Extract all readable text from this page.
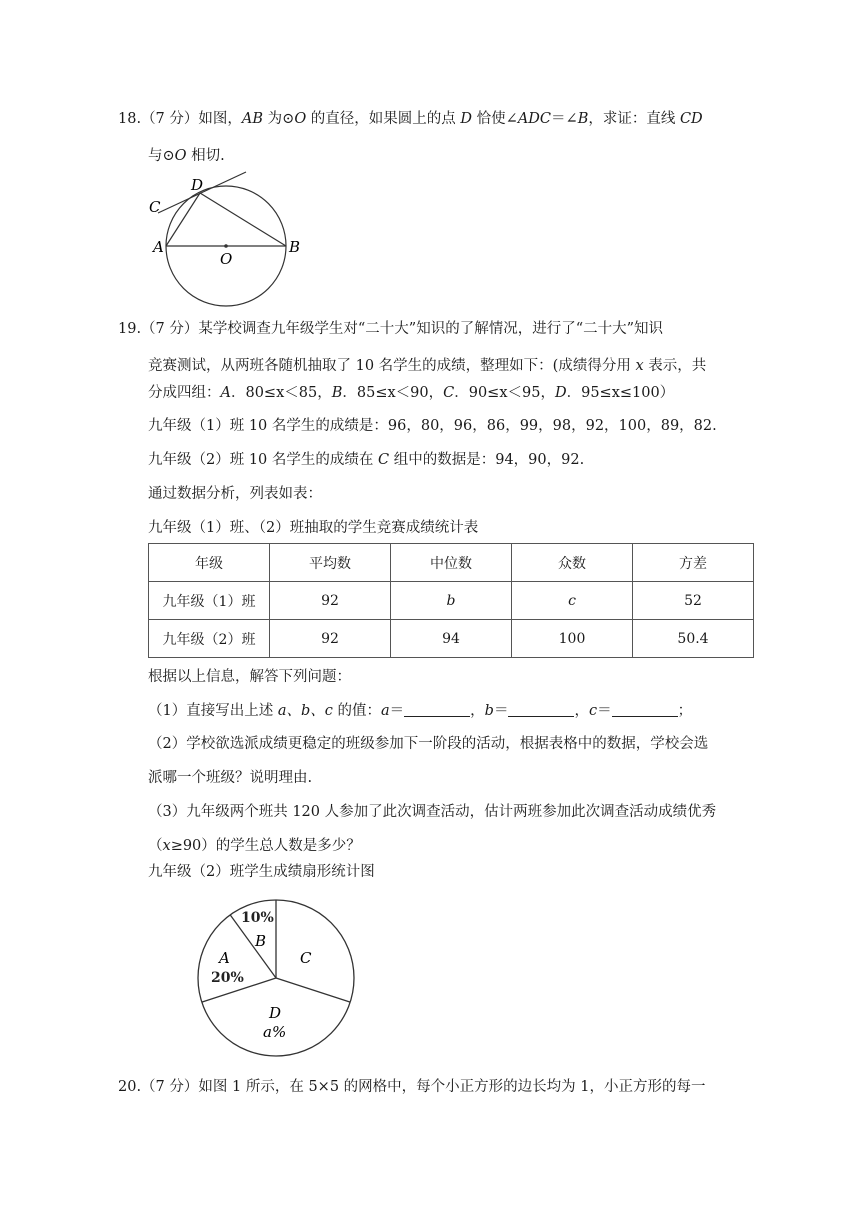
18.（7 分）如图，AB 为⊙O 的直径，如果圆上的点 D 恰使∠ADC＝∠B，求证：直线 CD
与⊙O 相切.
C
D
A
O
B
19.（7 分）某学校调查九年级学生对“二十大”知识的了解情况，进行了“二十大”知识
竞赛测试，从两班各随机抽取了 10 名学生的成绩，整理如下：(成绩得分用 x 表示，共
分成四组：A．80≤x＜85，B．85≤x＜90，C．90≤x＜95，D．95≤x≤100）
九年级（1）班 10 名学生的成绩是：96，80，96，86，99，98，92，100，89，82.
九年级（2）班 10 名学生的成绩在 C 组中的数据是：94，90，92.
通过数据分析，列表如表：
九年级（1）班、（2）班抽取的学生竞赛成绩统计表
年级	平均数	中位数	众数	方差
九年级（1）班	92	b	c	52
九年级（2）班	92	94	100	50.4
根据以上信息，解答下列问题：
（1）直接写出上述 a、b、c 的值：a＝	，b＝	，c＝	；
（2）学校欲选派成绩更稳定的班级参加下一阶段的活动，根据表格中的数据，学校会选
派哪一个班级？说明理由.
（3）九年级两个班共 120 人参加了此次调查活动，估计两班参加此次调查活动成绩优秀
（x≥90）的学生总人数是多少？
九年级（2）班学生成绩扇形统计图
10%
B
A
20%
C
D
a%
20.（7 分）如图 1 所示，在 5×5 的网格中，每个小正方形的边长均为 1，小正方形的每一
